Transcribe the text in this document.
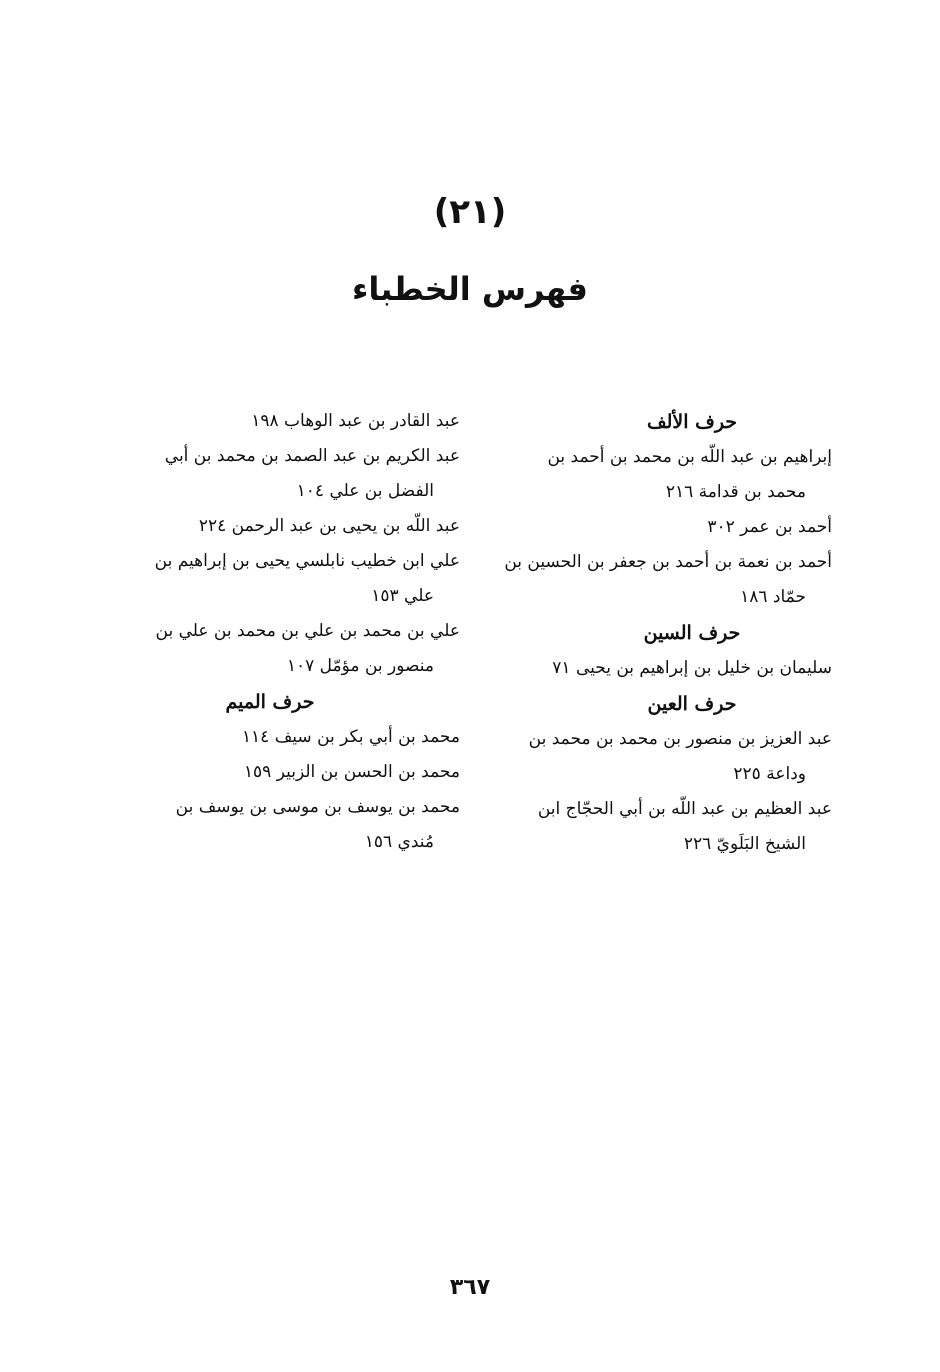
(٢١)
فهرس الخطباء
حرف الألف
إبراهيم بن عبد اللّه بن محمد بن أحمد بن
محمد بن قدامة ٢١٦
أحمد بن عمر ٣٠٢
أحمد بن نعمة بن أحمد بن جعفر بن الحسين بن
حمّاد ١٨٦
حرف السين
سليمان بن خليل بن إبراهيم بن يحيى ٧١
حرف العين
عبد العزيز بن منصور بن محمد بن محمد بن
وداعة ٢٢٥
عبد العظيم بن عبد اللّه بن أبي الحجّاج ابن
الشيخ البَلَويّ ٢٢٦
عبد القادر بن عبد الوهاب ١٩٨
عبد الكريم بن عبد الصمد بن محمد بن أبي
الفضل بن علي ١٠٤
عبد اللّه بن يحيى بن عبد الرحمن ٢٢٤
علي ابن خطيب نابلسي يحيى بن إبراهيم بن
علي ١٥٣
علي بن محمد بن علي بن محمد بن علي بن
منصور بن مؤمّل ١٠٧
حرف الميم
محمد بن أبي بكر بن سيف ١١٤
محمد بن الحسن بن الزبير ١٥٩
محمد بن يوسف بن موسى بن يوسف بن
مُندي ١٥٦
٣٦٧
